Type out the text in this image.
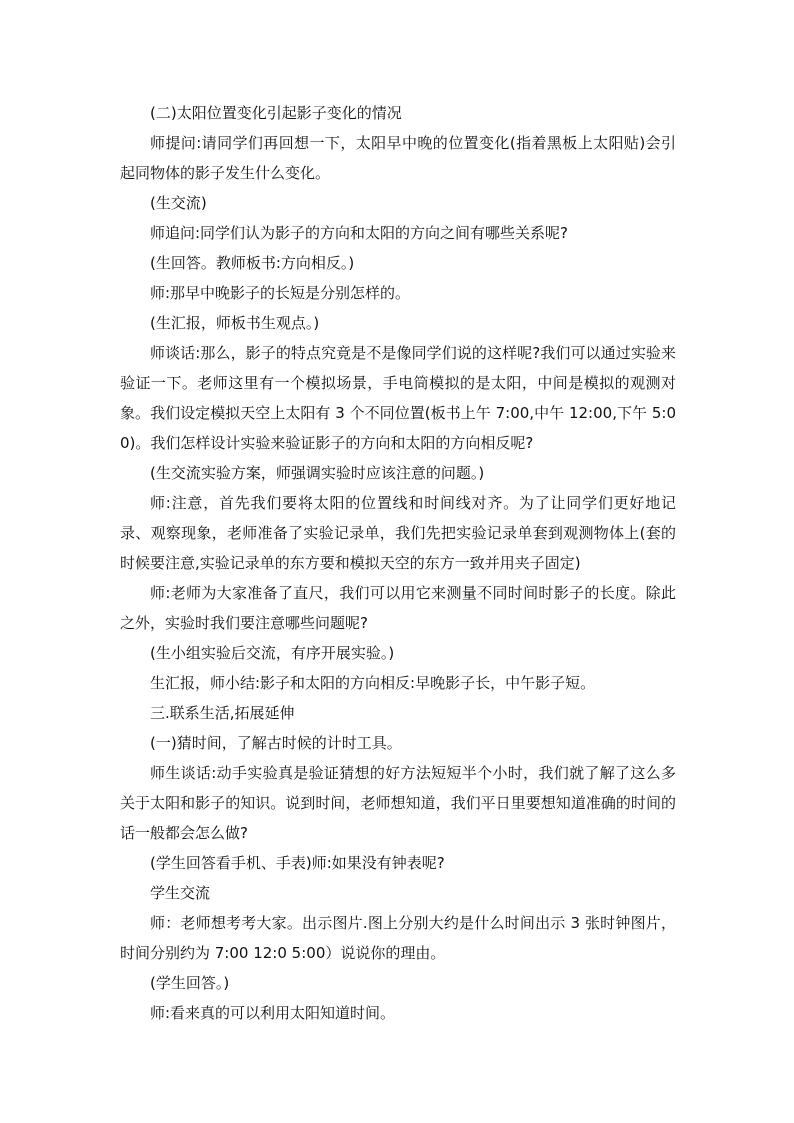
(二)太阳位置变化引起影子变化的情况

师提问:请同学们再回想一下，太阳早中晚的位置变化(指着黑板上太阳贴)会引起同物体的影子发生什么变化。

(生交流)

师追问:同学们认为影子的方向和太阳的方向之间有哪些关系呢?

(生回答。教师板书:方向相反。)

师:那早中晚影子的长短是分别怎样的。

(生汇报，师板书生观点。)

师谈话:那么，影子的特点究竟是不是像同学们说的这样呢?我们可以通过实验来验证一下。老师这里有一个模拟场景，手电筒模拟的是太阳，中间是模拟的观测对象。我们设定模拟天空上太阳有 3 个不同位置(板书上午 7:00,中午 12:00,下午 5:00)。我们怎样设计实验来验证影子的方向和太阳的方向相反呢?

(生交流实验方案，师强调实验时应该注意的问题。)

师:注意，首先我们要将太阳的位置线和时间线对齐。为了让同学们更好地记录、观察现象，老师准备了实验记录单，我们先把实验记录单套到观测物体上(套的时候要注意,实验记录单的东方要和模拟天空的东方一致并用夹子固定)

师:老师为大家准备了直尺，我们可以用它来测量不同时间时影子的长度。除此之外，实验时我们要注意哪些问题呢?

(生小组实验后交流，有序开展实验。)

生汇报，师小结:影子和太阳的方向相反:早晚影子长，中午影子短。

三.联系生活,拓展延伸

(一)猜时间，了解古时候的计时工具。

师生谈话:动手实验真是验证猜想的好方法短短半个小时，我们就了解了这么多关于太阳和影子的知识。说到时间，老师想知道，我们平日里要想知道准确的时间的话一般都会怎么做?

(学生回答看手机、手表)师:如果没有钟表呢?

学生交流

师：老师想考考大家。出示图片.图上分别大约是什么时间出示 3 张时钟图片，时间分别约为 7:00 12:0 5:00）说说你的理由。

(学生回答。)

师:看来真的可以利用太阳知道时间。
